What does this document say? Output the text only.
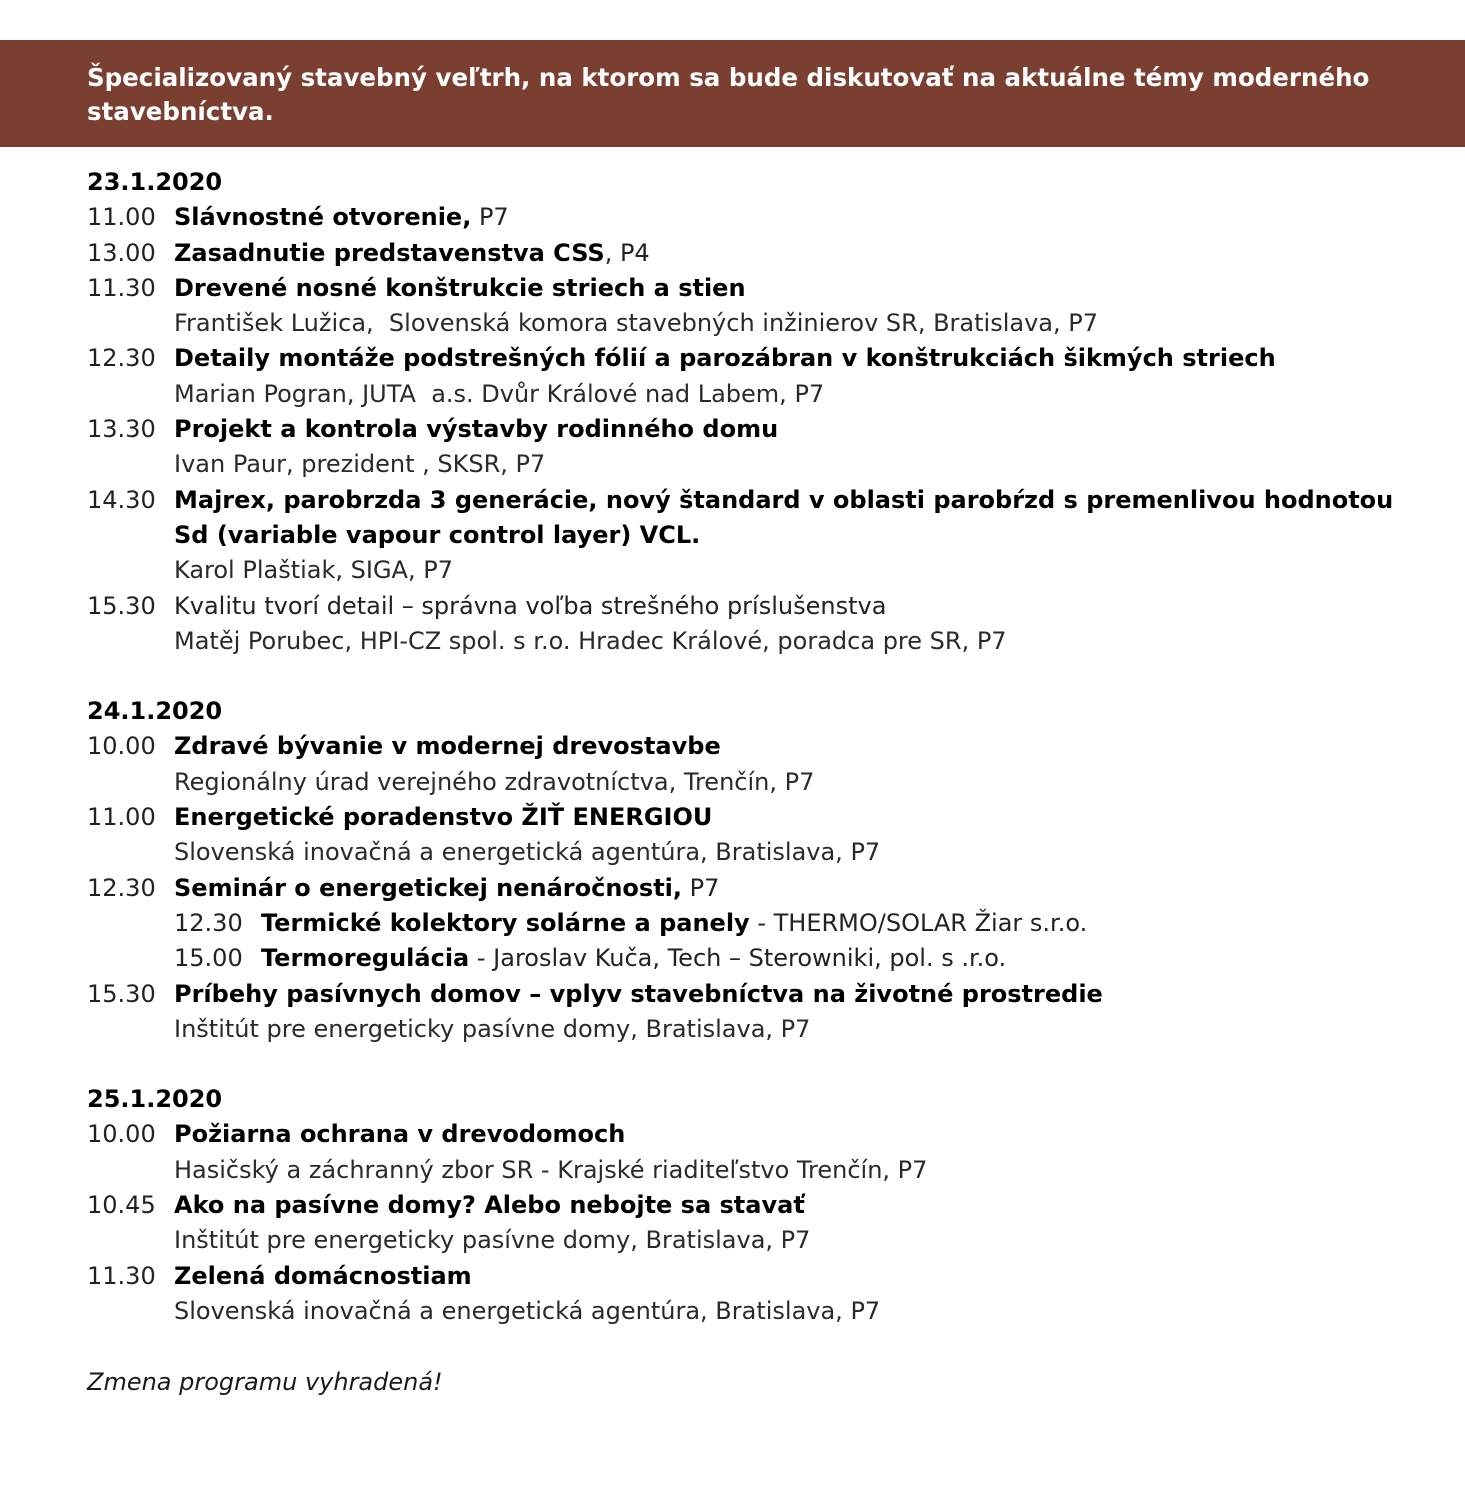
Špecializovaný stavebný veľtrh, na ktorom sa bude diskutovať na aktuálne témy moderného stavebníctva.
23.1.2020
11.00 Slávnostné otvorenie, P7
13.00 Zasadnutie predstavenstva CSS, P4
11.30 Drevené nosné konštrukcie striech a stien
František Lužica,  Slovenská komora stavebných inžinierov SR, Bratislava, P7
12.30 Detaily montáže podstrešných fólií a parozábran v konštrukciách šikmých striech
Marian Pogran, JUTA  a.s. Dvůr Králové nad Labem, P7
13.30 Projekt a kontrola výstavby rodinného domu
Ivan Paur, prezident , SKSR, P7
14.30 Majrex, parobrzda 3 generácie, nový štandard v oblasti parobŕzd s premenlivou hodnotou Sd (variable vapour control layer) VCL.
Karol Plaštiak, SIGA, P7
15.30 Kvalitu tvorí detail – správna voľba strešného príslušenstva
Matěj Porubec, HPI-CZ spol. s r.o. Hradec Králové, poradca pre SR, P7
24.1.2020
10.00 Zdravé bývanie v modernej drevostavbe
Regionálny úrad verejného zdravotníctva, Trenčín, P7
11.00 Energetické poradenstvo ŽIŤ ENERGIOU
Slovenská inovačná a energetická agentúra, Bratislava, P7
12.30 Seminár o energetickej nenáročnosti, P7
12.30 Termické kolektory solárne a panely - THERMO/SOLAR Žiar s.r.o.
15.00 Termoregulácia - Jaroslav Kuča, Tech – Sterowniki, pol. s .r.o.
15.30 Príbehy pasívnych domov – vplyv stavebníctva na životné prostredie
Inštitút pre energeticky pasívne domy, Bratislava, P7
25.1.2020
10.00 Požiarna ochrana v drevodomoch
Hasičský a záchranný zbor SR - Krajské riaditeľstvo Trenčín, P7
10.45 Ako na pasívne domy? Alebo nebojte sa stavať
Inštitút pre energeticky pasívne domy, Bratislava, P7
11.30 Zelená domácnostiam
Slovenská inovačná a energetická agentúra, Bratislava, P7
Zmena programu vyhradená!
